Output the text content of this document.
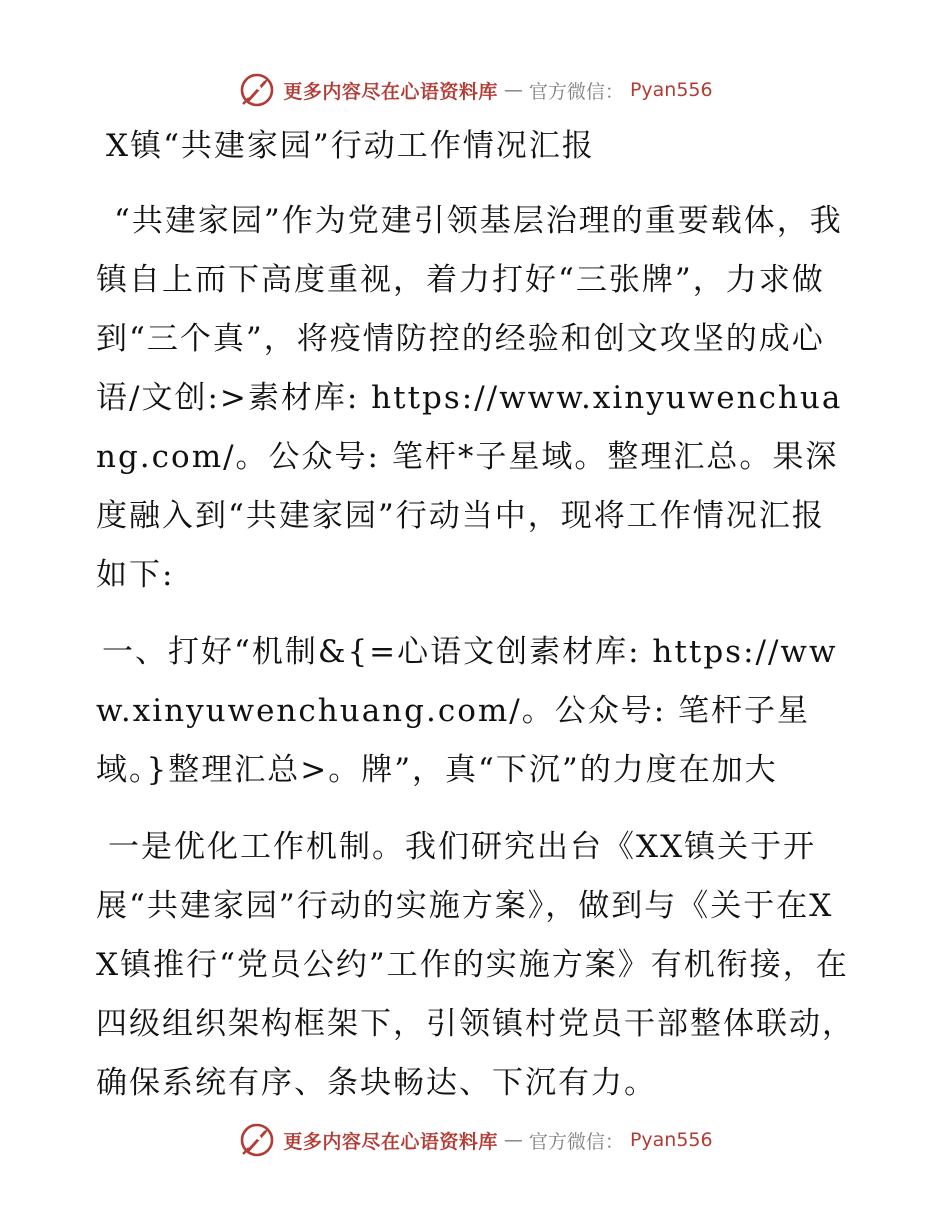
更多内容尽在心语资料库 — 官方微信： Pyan556
X镇“共建家园”行动工作情况汇报

“共建家园”作为党建引领基层治理的重要载体，我镇自上而下高度重视，着力打好“三张牌”，力求做到“三个真”，将疫情防控的经验和创文攻坚的成心语/文创:>素材库: https://www.xinyuwenchuang.com/。公众号: 笔杆*子星域。整理汇总。果深度融入到“共建家园”行动当中，现将工作情况汇报如下:

一、打好“机制&{=心语文创素材库: https://www.xinyuwenchuang.com/。公众号: 笔杆子星域。}整理汇总>。牌”，真“下沉”的力度在加大

一是优化工作机制。我们研究出台《XX镇关于开展“共建家园”行动的实施方案》，做到与《关于在XX镇推行“党员公约”工作的实施方案》有机衔接，在四级组织架构框架下，引领镇村党员干部整体联动，确保系统有序、条块畅达、下沉有力。

更多内容尽在心语资料库 — 官方微信： Pyan556
